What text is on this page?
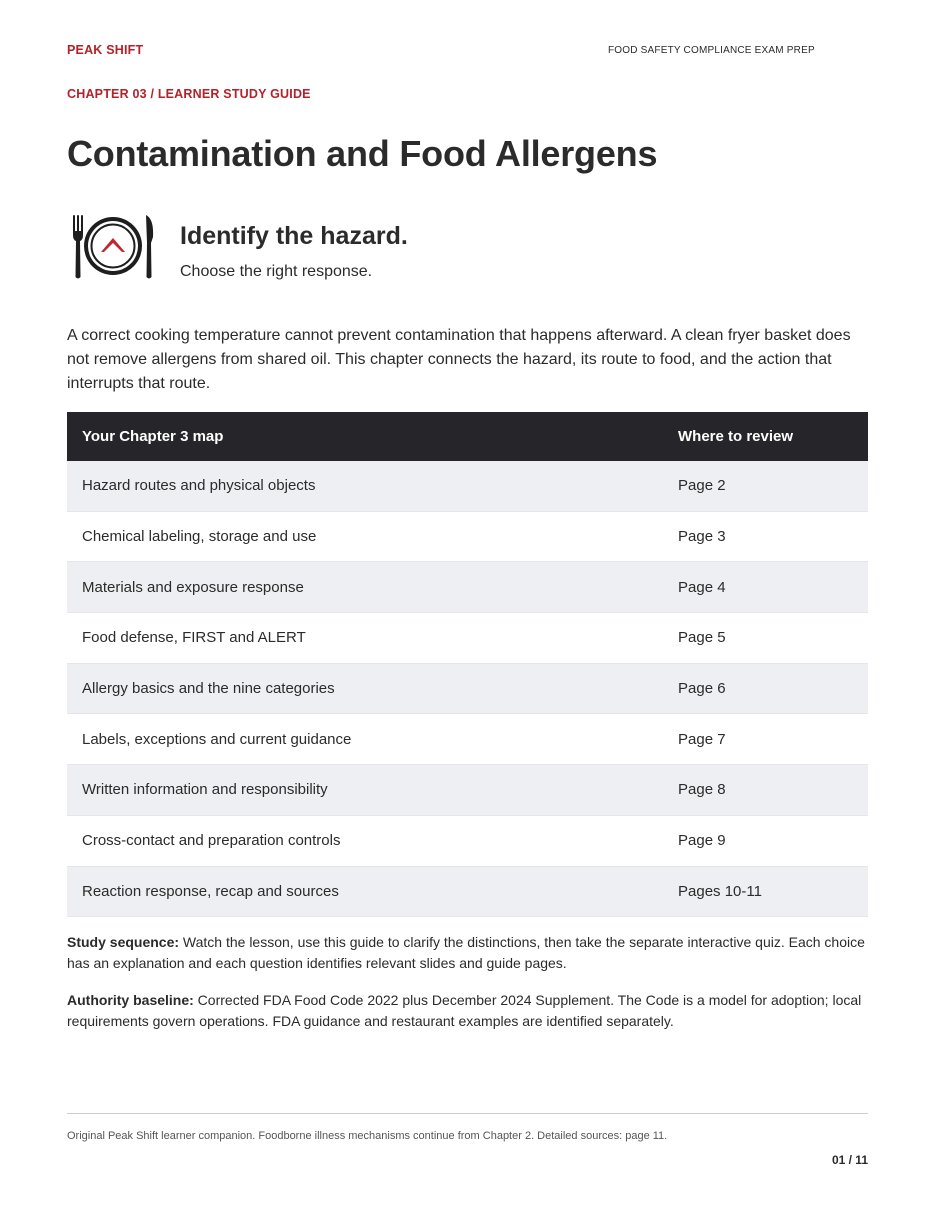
PEAK SHIFT	FOOD SAFETY COMPLIANCE EXAM PREP
CHAPTER 03 / LEARNER STUDY GUIDE
Contamination and Food Allergens
Identify the hazard.
Choose the right response.

A correct cooking temperature cannot prevent contamination that happens afterward. A clean fryer basket does not remove allergens from shared oil. This chapter connects the hazard, its route to food, and the action that interrupts that route.

Your Chapter 3 map	Where to review
Hazard routes and physical objects	Page 2
Chemical labeling, storage and use	Page 3
Materials and exposure response	Page 4
Food defense, FIRST and ALERT	Page 5
Allergy basics and the nine categories	Page 6
Labels, exceptions and current guidance	Page 7
Written information and responsibility	Page 8
Cross-contact and preparation controls	Page 9
Reaction response, recap and sources	Pages 10-11

Study sequence: Watch the lesson, use this guide to clarify the distinctions, then take the separate interactive quiz. Each choice has an explanation and each question identifies relevant slides and guide pages.

Authority baseline: Corrected FDA Food Code 2022 plus December 2024 Supplement. The Code is a model for adoption; local requirements govern operations. FDA guidance and restaurant examples are identified separately.

Original Peak Shift learner companion. Foodborne illness mechanisms continue from Chapter 2. Detailed sources: page 11.
01 / 11
